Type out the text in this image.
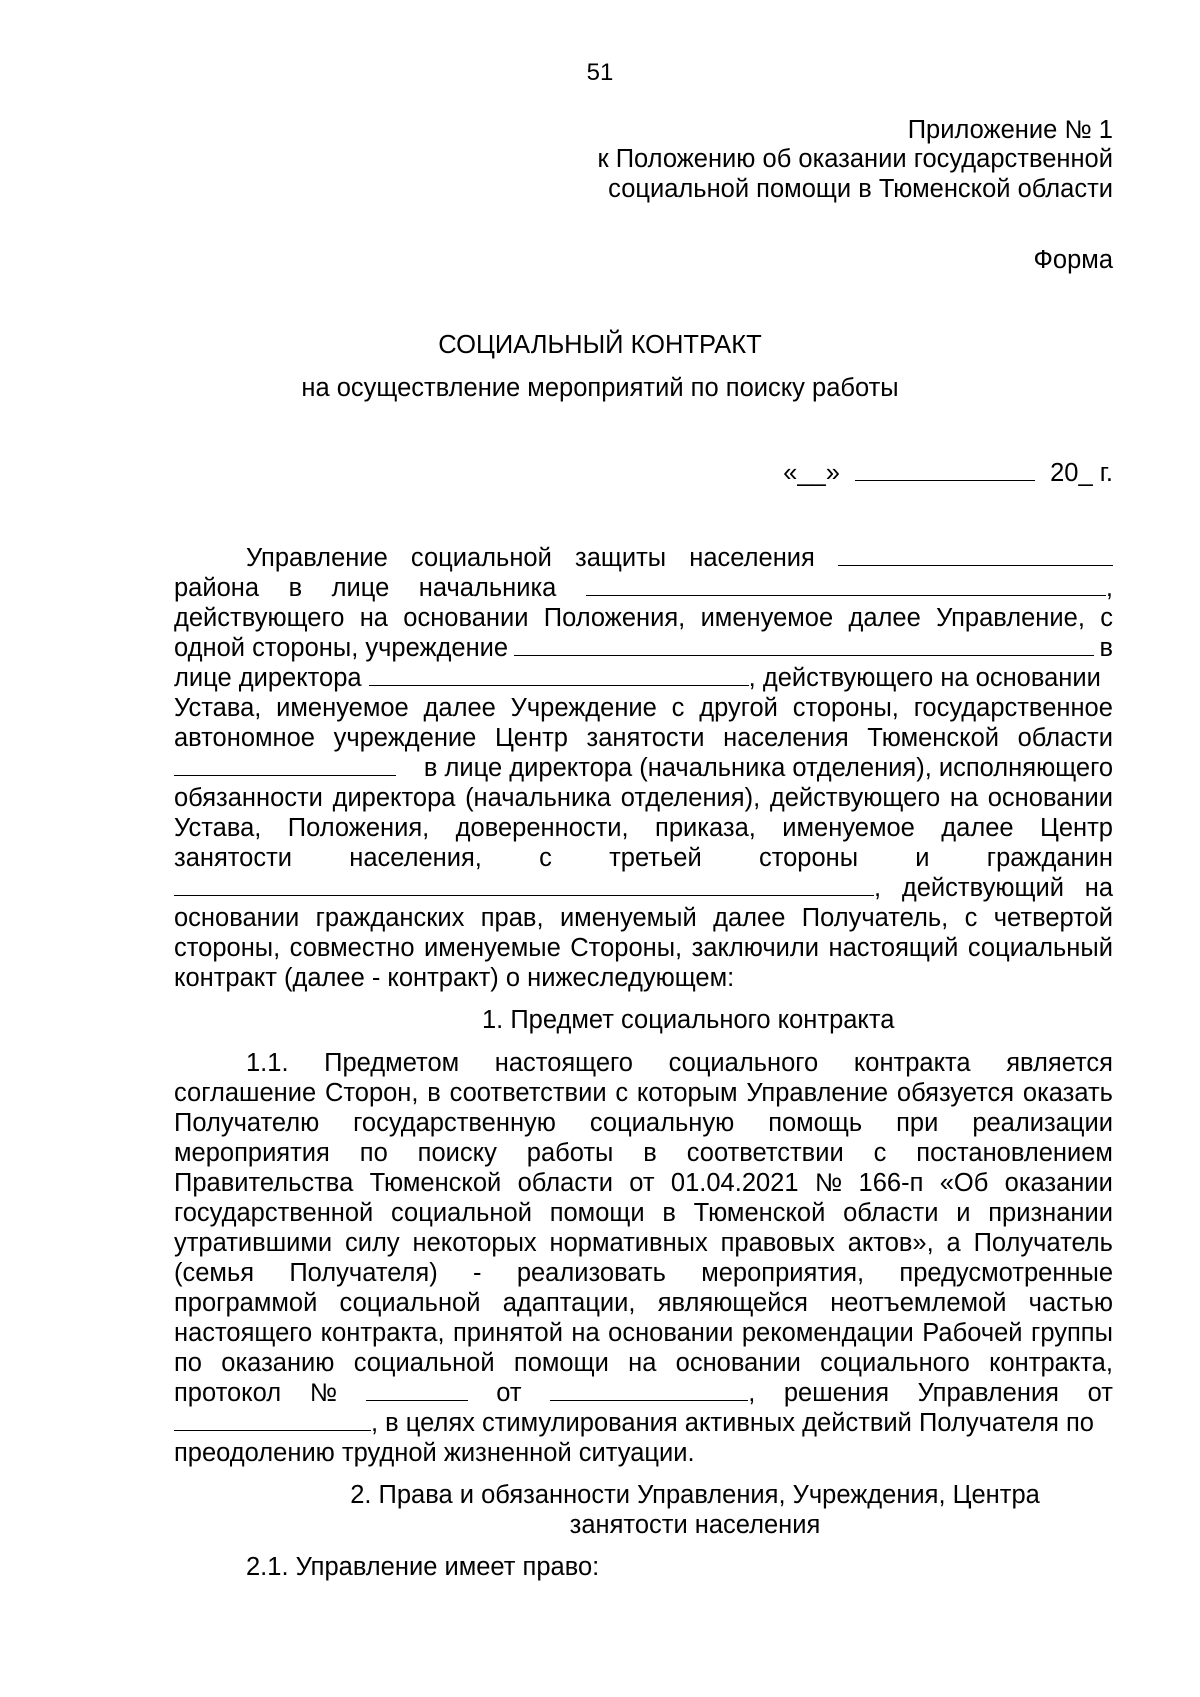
51
Приложение № 1
к Положению об оказании государственной
социальной помощи в Тюменской области
Форма
СОЦИАЛЬНЫЙ КОНТРАКТ
на осуществление мероприятий по поиску работы
«__»	20_ г.
Управление социальной защиты населения
района в лице начальника	,
действующего на основании Положения, именуемое далее Управление, с
одной стороны, учреждение	в
лице директора	, действующего на основании
Устава, именуемое далее Учреждение с другой стороны, государственное
автономное учреждение Центр занятости населения Тюменской области
в лице директора (начальника отделения), исполняющего
обязанности директора (начальника отделения), действующего на основании
Устава, Положения, доверенности, приказа, именуемое далее Центр
занятости населения, с третьей стороны и гражданин
, действующий на
основании гражданских прав, именуемый далее Получатель, с четвертой
стороны, совместно именуемые Стороны, заключили настоящий социальный
контракт (далее - контракт) о нижеследующем:
1. Предмет социального контракта
1.1. Предметом настоящего социального контракта является
соглашение Сторон, в соответствии с которым Управление обязуется оказать
Получателю государственную социальную помощь при реализации
мероприятия по поиску работы в соответствии с постановлением
Правительства Тюменской области от 01.04.2021 № 166-п «Об оказании
государственной социальной помощи в Тюменской области и признании
утратившими силу некоторых нормативных правовых актов», а Получатель
(семья Получателя) - реализовать мероприятия, предусмотренные
программой социальной адаптации, являющейся неотъемлемой частью
настоящего контракта, принятой на основании рекомендации Рабочей группы
по оказанию социальной помощи на основании социального контракта,
протокол №	от	, решения Управления от
, в целях стимулирования активных действий Получателя по
преодолению трудной жизненной ситуации.
2. Права и обязанности Управления, Учреждения, Центра
занятости населения
2.1. Управление имеет право:
